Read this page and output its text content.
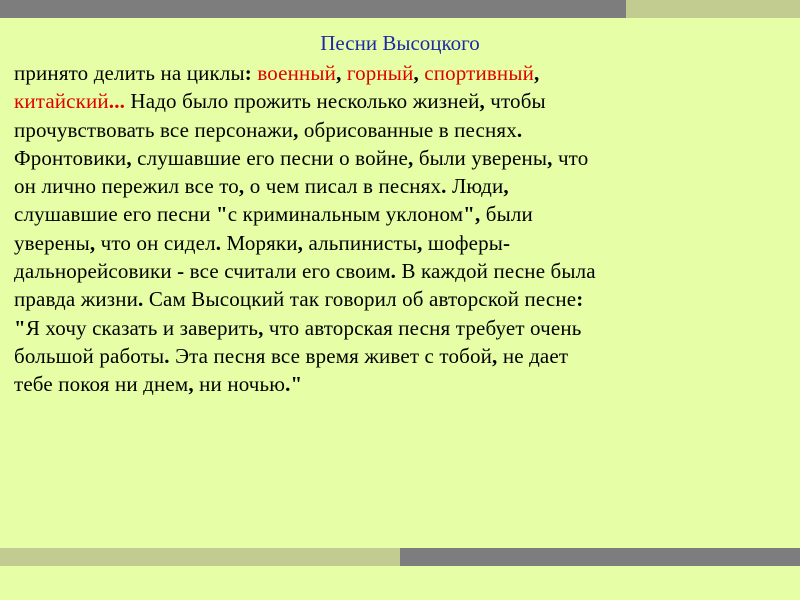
Песни Высоцкого
принято делить на циклы: военный, горный, спортивный,
китайский... Надо было прожить несколько жизней, чтобы
прочувствовать все персонажи, обрисованные в песнях.
Фронтовики, слушавшие его песни о войне, были уверены, что
он лично пережил все то, о чем писал в песнях. Люди,
слушавшие его песни "с криминальным уклоном", были
уверены, что он сидел. Моряки, альпинисты, шоферы-
дальнорейсовики - все считали его своим. В каждой песне была
правда жизни. Сам Высоцкий так говорил об авторской песне:
"Я хочу сказать и заверить, что авторская песня требует очень
большой работы. Эта песня все время живет с тобой, не дает
тебе покоя ни днем, ни ночью."
